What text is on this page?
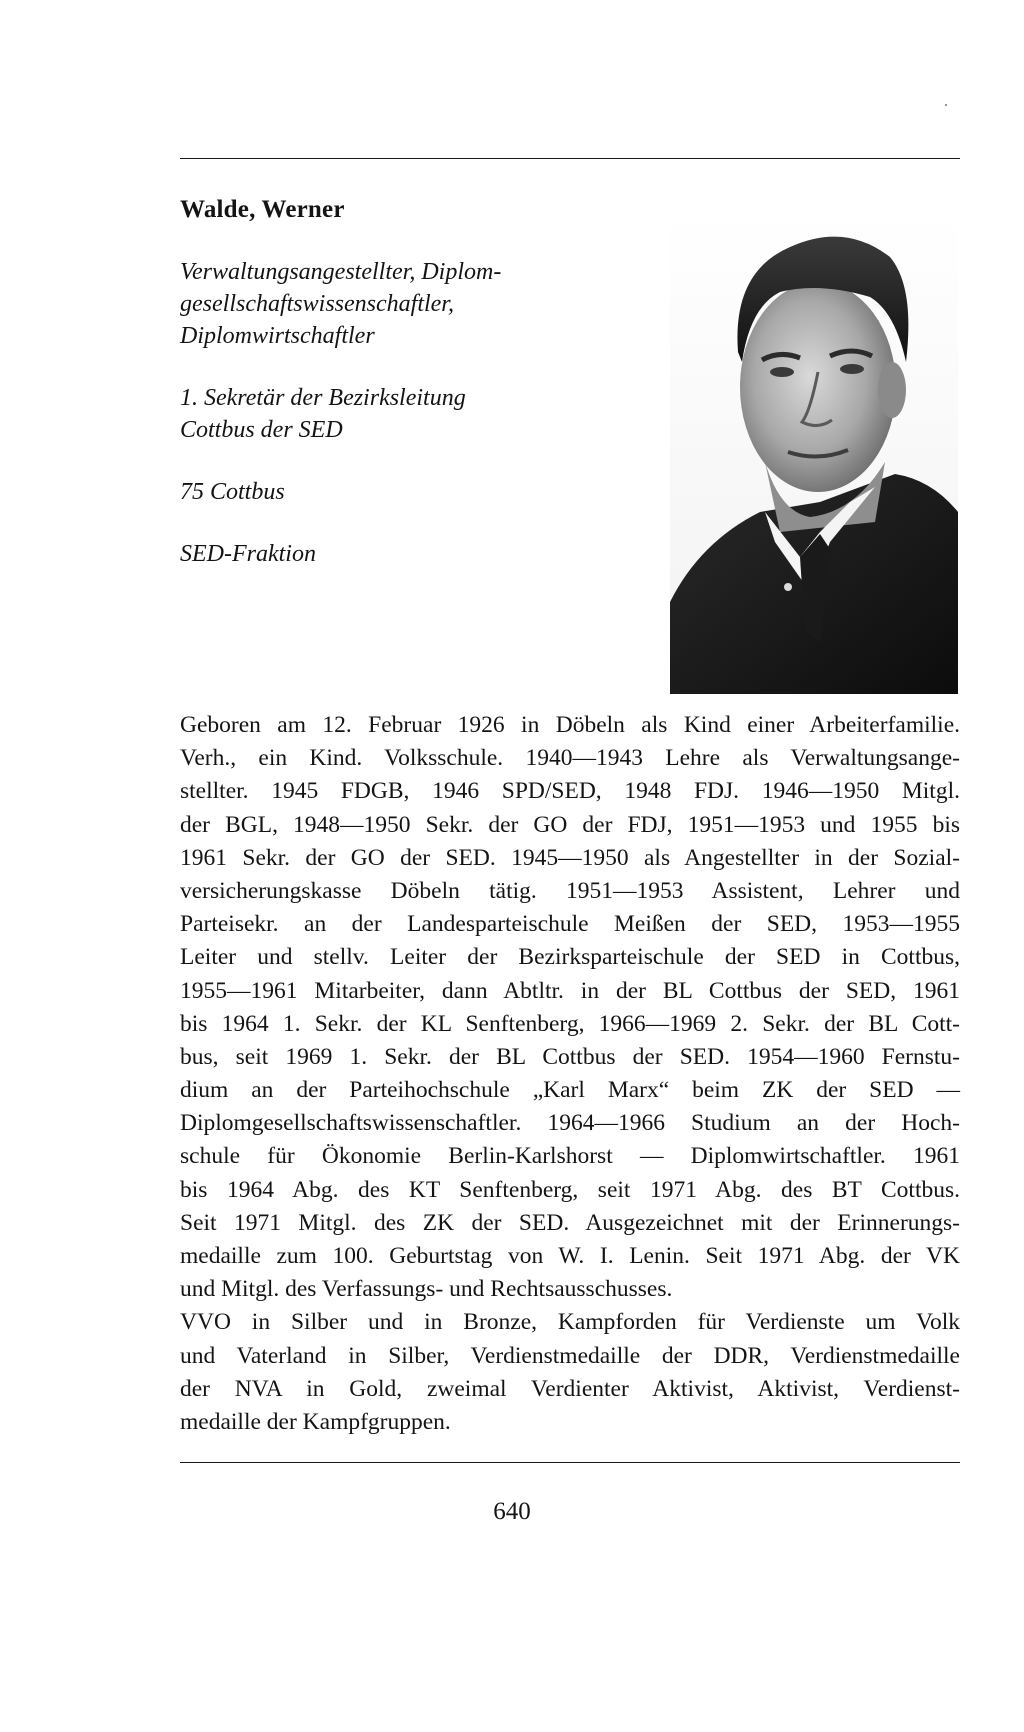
Walde, Werner

Verwaltungsangestellter, Diplom-
gesellschaftswissenschaftler,
Diplomwirtschaftler

1. Sekretär der Bezirksleitung
Cottbus der SED

75 Cottbus

SED-Fraktion

Geboren am 12. Februar 1926 in Döbeln als Kind einer Arbeiterfamilie.
Verh., ein Kind. Volksschule. 1940—1943 Lehre als Verwaltungsange-
stellter. 1945 FDGB, 1946 SPD/SED, 1948 FDJ. 1946—1950 Mitgl.
der BGL, 1948—1950 Sekr. der GO der FDJ, 1951—1953 und 1955 bis
1961 Sekr. der GO der SED. 1945—1950 als Angestellter in der Sozial-
versicherungskasse Döbeln tätig. 1951—1953 Assistent, Lehrer und
Parteisekr. an der Landesparteischule Meißen der SED, 1953—1955
Leiter und stellv. Leiter der Bezirksparteischule der SED in Cottbus,
1955—1961 Mitarbeiter, dann Abtltr. in der BL Cottbus der SED, 1961
bis 1964 1. Sekr. der KL Senftenberg, 1966—1969 2. Sekr. der BL Cott-
bus, seit 1969 1. Sekr. der BL Cottbus der SED. 1954—1960 Fernstu-
dium an der Parteihochschule „Karl Marx“ beim ZK der SED —
Diplomgesellschaftswissenschaftler. 1964—1966 Studium an der Hoch-
schule für Ökonomie Berlin-Karlshorst — Diplomwirtschaftler. 1961
bis 1964 Abg. des KT Senftenberg, seit 1971 Abg. des BT Cottbus.
Seit 1971 Mitgl. des ZK der SED. Ausgezeichnet mit der Erinnerungs-
medaille zum 100. Geburtstag von W. I. Lenin. Seit 1971 Abg. der VK
und Mitgl. des Verfassungs- und Rechtsausschusses.
VVO in Silber und in Bronze, Kampforden für Verdienste um Volk
und Vaterland in Silber, Verdienstmedaille der DDR, Verdienstmedaille
der NVA in Gold, zweimal Verdienter Aktivist, Aktivist, Verdienst-
medaille der Kampfgruppen.
640
